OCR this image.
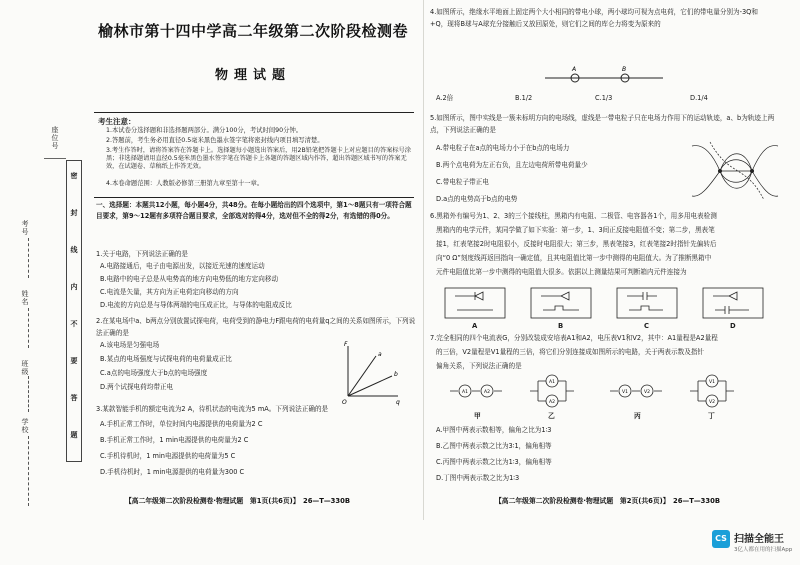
座位号
考号
姓名
班级
学校
密
封
线
内
不
要
答
题
榆林市第十四中学高二年级第二次阶段检测卷
物理试题
考生注意：
1.本试卷分选择题和非选择题两部分。满分100分，考试时间90分钟。
2.答题前，考生务必用直径0.5毫米黑色墨水签字笔将密封线内项目填写清楚。
3.考生作答时，请将答案答在答题卡上。选择题每小题选出答案后，用2B铅笔把答题卡上对应题目的答案标号涂黑；非选择题请用直径0.5毫米黑色墨水签字笔在答题卡上各题的答题区域内作答，超出答题区域书写的答案无效，在试题卷、草稿纸上作答无效。
4.本卷命题范围：人教版必修第三册第九章至第十一章。
一、选择题：本题共12小题，每小题4分，共48分。在每小题给出的四个选项中，第1～8题只有一项符合题目要求，第9～12题有多项符合题目要求，全部选对的得4分，选对但不全的得2分，有选错的得0分。
1.关于电路，下列说法正确的是
A.电路接通后，电子由电源出发，以接近光速的速度运动
B.电路中的电子总是从电势高的地方向电势低的地方定向移动
C.电流是矢量，其方向为正电荷定向移动的方向
D.电流的方向总是与导体两端的电压成正比，与导体的电阻成反比
2.在某电场中a、b两点分别放置试探电荷，电荷受到的静电力F跟电荷的电荷量q之间的关系如图所示，下列说法正确的是
A.该电场是匀强电场
B.某点的电场强度与试探电荷的电荷量成正比
C.a点的电场强度大于b点的电场强度
D.两个试探电荷均带正电
F
q
O
a
b
3.某款智能手机的额定电流为2 A，待机状态的电流为5 mA。下列说法正确的是
A.手机正常工作时，单位时间内电源提供的电荷量为2 C
B.手机正常工作时，1 min电源提供的电荷量为2 C
C.手机待机时，1 min电源提供的电荷量为5 C
D.手机待机时，1 min电源提供的电荷量为300 C
【高二年级第二次阶段检测卷·物理试题　第1页(共6页)】　26—T—330B
4.如图所示，绝缘水平地面上固定两个大小相同的带电小球，两小球均可视为点电荷，它们的带电量分别为-3Q和+Q，现将B球与A球充分接触后又放回原处，则它们之间的库仑力将变为原来的
A	B
A.2倍	B.1/2	C.1/3	D.1/4
5.如图所示，图中实线是一簇未标明方向的电场线，虚线是一带电粒子只在电场力作用下的运动轨迹，a、b为轨迹上两点，下列说法正确的是
A.带电粒子在a点的电场力小于在b点的电场力
B.两个点电荷为左正右负，且左边电荷所带电荷量少
C.带电粒子带正电
D.a点的电势高于b点的电势
6.黑箱外有编号为1、2、3的三个接线柱，黑箱内有电阻、二极管、电容器各1个，用多用电表检测
黑箱内的电学元件，某同学做了如下实验：第一步，1、3间正反接电阻值不变；第二步，黑表笔
接1，红表笔接2时电阻很小，反接时电阻很大；第三步，黑表笔接3，红表笔接2时指针先偏转后
向“0 Ω”刻度线再返回指向一确定值，且其电阻值比第一步中测得的电阻值大。为了推断黑箱中
元件电阻值比第一步中测得的电阻值大很多。依据以上测量结果可判断箱内元件连接为
A	B	C	D
7.完全相同的四个电流表G，分别改装成安培表A1和A2，电压表V1和V2，其中：A1量程是A2量程
的三倍，V2量程是V1量程的三倍，将它们分别连接成如图所示的电路，关于两表示数及指针
偏角关系，下列说法正确的是
A1	A2
A1
A2
V1	V2
V1
V2
甲	乙	丙	丁
A.甲图中两表示数相等，偏角之比为1∶3
B.乙图中两表示数之比为3∶1，偏角相等
C.丙图中两表示数之比为1∶3，偏角相等
D.丁图中两表示数之比为1∶3
【高二年级第二次阶段检测卷·物理试题　第2页(共6页)】　26—T—330B
CS 扫描全能王
3亿人都在用的扫描App
